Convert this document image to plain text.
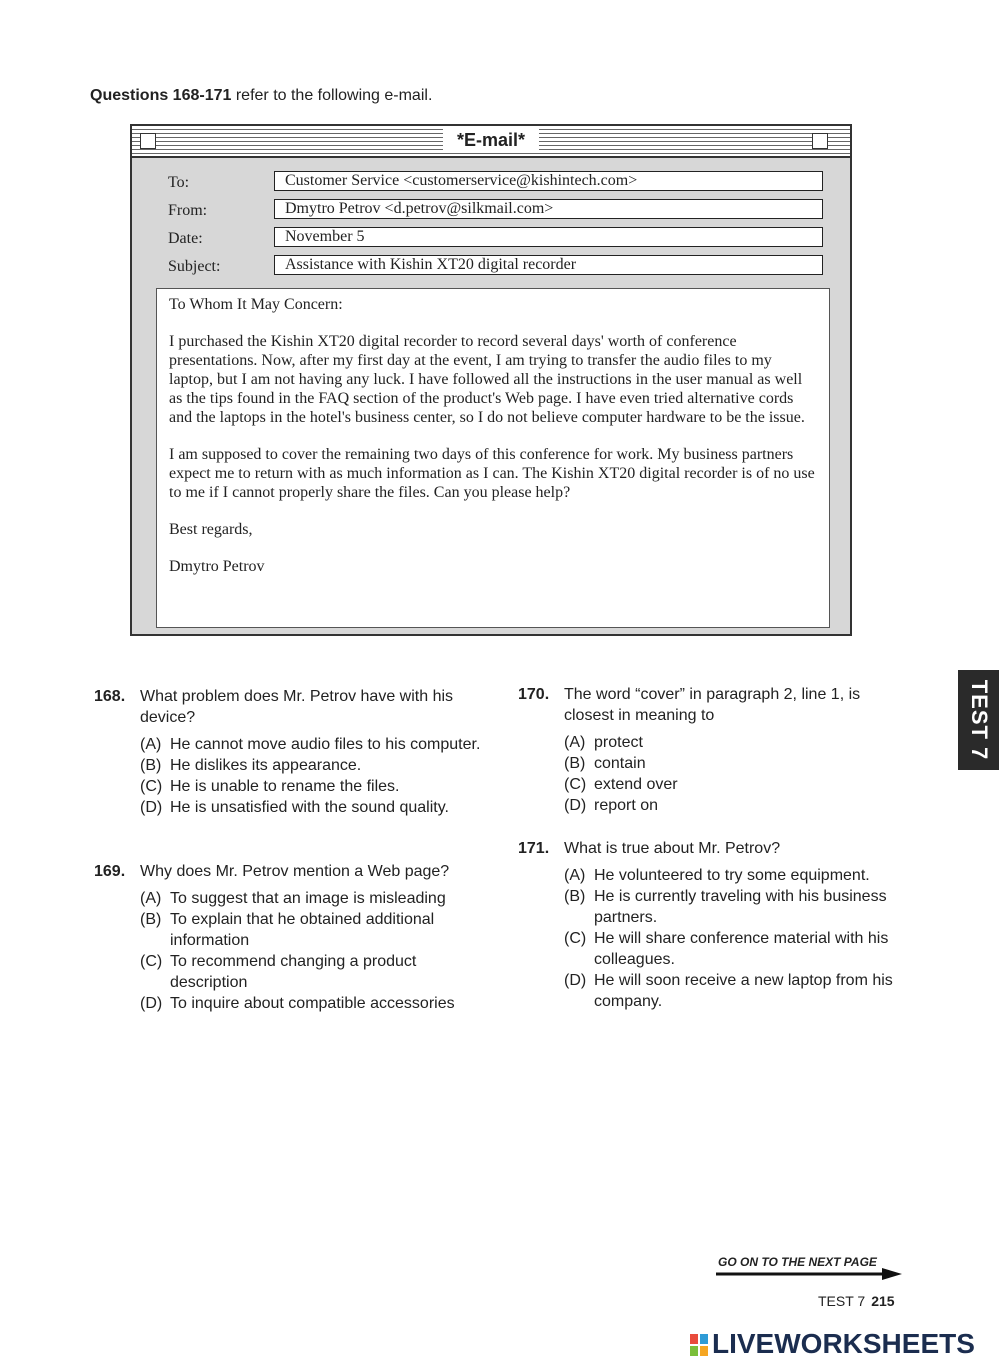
Questions 168-171 refer to the following e-mail.
*E-mail*
To:	Customer Service <customerservice@kishintech.com>
From:	Dmytro Petrov <d.petrov@silkmail.com>
Date:	November 5
Subject:	Assistance with Kishin XT20 digital recorder

To Whom It May Concern:

I purchased the Kishin XT20 digital recorder to record several days' worth of conference presentations. Now, after my first day at the event, I am trying to transfer the audio files to my laptop, but I am not having any luck. I have followed all the instructions in the user manual as well as the tips found in the FAQ section of the product's Web page. I have even tried alternative cords and the laptops in the hotel's business center, so I do not believe computer hardware to be the issue.

I am supposed to cover the remaining two days of this conference for work. My business partners expect me to return with as much information as I can. The Kishin XT20 digital recorder is of no use to me if I cannot properly share the files. Can you please help?

Best regards,

Dmytro Petrov

168. What problem does Mr. Petrov have with his device?
(A) He cannot move audio files to his computer.
(B) He dislikes its appearance.
(C) He is unable to rename the files.
(D) He is unsatisfied with the sound quality.
169. Why does Mr. Petrov mention a Web page?
(A) To suggest that an image is misleading
(B) To explain that he obtained additional information
(C) To recommend changing a product description
(D) To inquire about compatible accessories
170. The word “cover” in paragraph 2, line 1, is closest in meaning to
(A) protect
(B) contain
(C) extend over
(D) report on
171. What is true about Mr. Petrov?
(A) He volunteered to try some equipment.
(B) He is currently traveling with his business partners.
(C) He will share conference material with his colleagues.
(D) He will soon receive a new laptop from his company.
TEST 7
GO ON TO THE NEXT PAGE
TEST 7 215
LIVEWORKSHEETS
